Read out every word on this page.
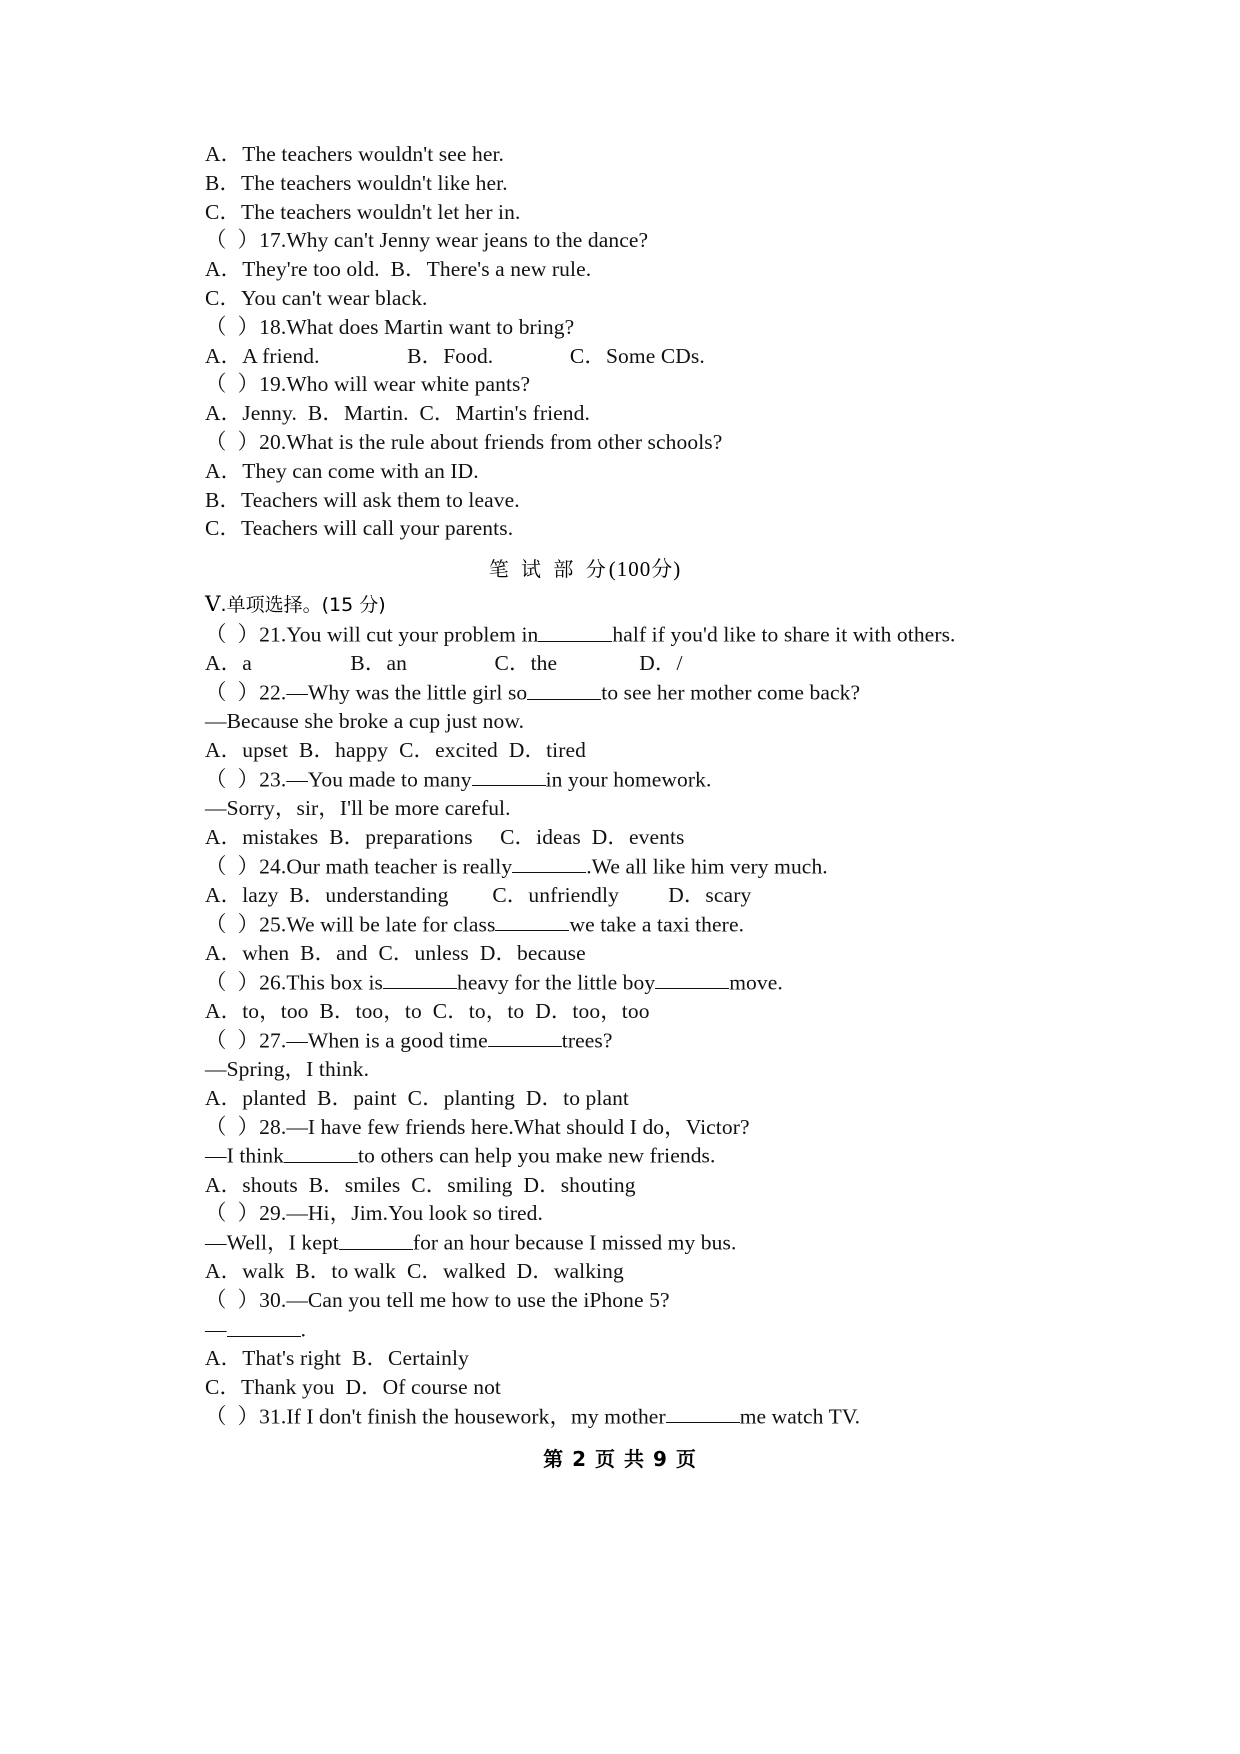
A．The teachers wouldn't see her.
B．The teachers wouldn't like her.
C．The teachers wouldn't let her in.
（  ）17.Why can't Jenny wear jeans to the dance?
A．They're too old.  B．There's a new rule.
C．You can't wear black.
（  ）18.What does Martin want to bring?
A．A friend.                B．Food.              C．Some CDs.
（  ）19.Who will wear white pants?
A．Jenny.  B．Martin.  C．Martin's friend.
（  ）20.What is the rule about friends from other schools?
A．They can come with an ID.
B．Teachers will ask them to leave.
C．Teachers will call your parents.
笔 试 部 分(100分)
Ⅴ.单项选择。(15 分)
（  ）21.You will cut your problem in	half if you'd like to share it with others.
A．a                  B．an                C．the               D．/
（  ）22.—Why was the little girl so	to see her mother come back?
—Because she broke a cup just now.
A．upset  B．happy  C．excited  D．tired
（  ）23.—You made to many	in your homework.
—Sorry，sir，I'll be more careful.
A．mistakes  B．preparations     C．ideas  D．events
（  ）24.Our math teacher is really	.We all like him very much.
A．lazy  B．understanding        C．unfriendly         D．scary
（  ）25.We will be late for class	we take a taxi there.
A．when  B．and  C．unless  D．because
（  ）26.This box is	heavy for the little boy	move.
A．to，too  B．too，to  C．to，to  D．too，too
（  ）27.—When is a good time	trees?
—Spring，I think.
A．planted  B．paint  C．planting  D．to plant
（  ）28.—I have few friends here.What should I do，Victor?
—I think	to others can help you make new friends.
A．shouts  B．smiles  C．smiling  D．shouting
（  ）29.—Hi，Jim.You look so tired.
—Well，I kept	for an hour because I missed my bus.
A．walk  B．to walk  C．walked  D．walking
（  ）30.—Can you tell me how to use the iPhone 5?
—	.
A．That's right  B．Certainly
C．Thank you  D．Of course not
（  ）31.If I don't finish the housework，my mother	me watch TV.
第 2 页 共 9 页
